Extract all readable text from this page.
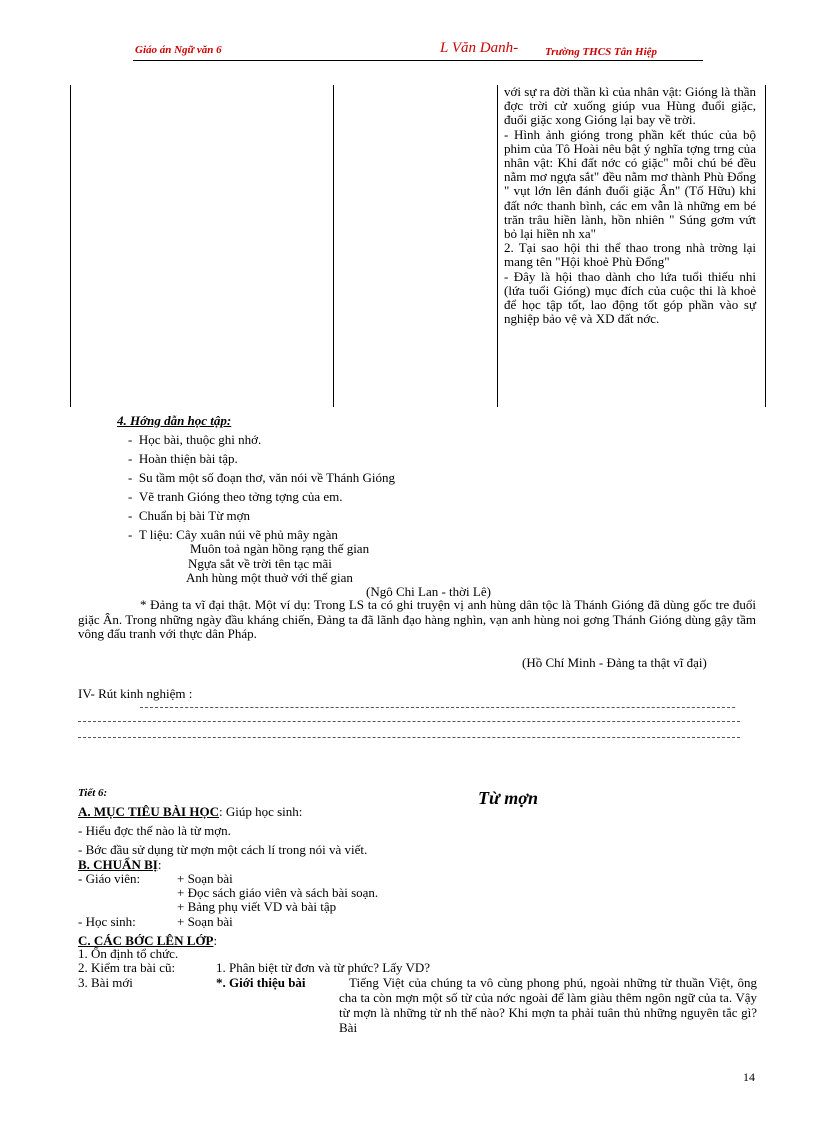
Giáo án Ngữ văn 6	L Văn Danh- Trường THCS Tân Hiệp

với sự ra đời thần kì của nhân vật: Gióng là thần đợc trời cử xuống giúp vua Hùng đuổi giặc, đuổi giặc xong Gióng lại bay về trời.

- Hình ảnh gióng trong phần kết thúc của bộ phim của Tô Hoài nêu bật ý nghĩa tợng trng của nhân vật: Khi đất nớc có giặc" mỗi chú bé đều nằm mơ ngựa sắt" đều nằm mơ thành Phù Đổng " vụt lớn lên đánh đuổi giặc Ân" (Tố Hữu) khi đất nớc thanh bình, các em vẫn là những em bé trăn trâu hiền lành, hồn nhiên " Súng gơm vứt bỏ lại hiền nh xa"

2. Tại sao hội thi thể thao trong nhà trờng lại mang tên "Hội khoẻ Phù Đổng"

- Đây là hội thao dành cho lứa tuổi thiếu nhi (lứa tuổi Gióng) mục đích của cuộc thi là khoẻ để học tập tốt, lao động tốt góp phần vào sự nghiệp bảo vệ và XD đất nớc.

4. Hớng dẫn học tập:
-  Học bài, thuộc ghi nhớ.
-  Hoàn thiện bài tập.
-  Su tầm một số đoạn thơ, văn nói về Thánh Gióng
-  Vẽ tranh Gióng theo tởng tợng của em.
-  Chuẩn bị bài Từ mợn
-  T liệu: Cây xuân núi vẽ phủ mây ngàn
Muôn toả ngàn hồng rạng thế gian
Ngựa sắt về trời tên tạc mãi
Anh hùng một thuở với thế gian
(Ngô Chi Lan - thời Lê)
* Đảng ta vĩ đại thật. Một ví dụ: Trong LS ta có ghi truyện vị anh hùng dân tộc là Thánh Gióng đã dùng gốc tre đuổi giặc Ân. Trong những ngày đầu kháng chiến, Đảng ta đã lãnh đạo hàng nghìn, vạn anh hùng noi gơng Thánh Gióng dùng gậy tầm vông đấu tranh với thực dân Pháp.
(Hồ Chí Minh - Đảng ta thật vĩ đại)
IV- Rút kinh nghiệm :
Tiết 6:	Từ mợn
A. MỤC TIÊU BÀI HỌC: Giúp học sinh:
- Hiểu đợc thế nào là từ mợn.
- Bớc đầu sử dụng từ mợn một cách lí trong nói và viết.
B. CHUẨN BỊ:
- Giáo viên:	+ Soạn bài
+ Đọc sách giáo viên và sách bài soạn.
+ Bảng phụ viết VD và bài tập
- Học sinh:	+ Soạn bài
C. CÁC BỚC LÊN LỚP:
1. Ổn định tổ chức.
2. Kiểm tra bài cũ:	1. Phân biệt từ đơn và từ phức? Lấy VD?
3. Bài mới	*. Giới thiệu bài	Tiếng Việt của chúng ta vô cùng phong phú, ngoài những từ thuần Việt, ông cha ta còn mợn một số từ của nớc ngoài để làm giàu thêm ngôn ngữ của ta. Vậy từ mợn là những từ nh thế nào? Khi mợn ta phải tuân thủ những nguyên tắc gì? Bài
14
